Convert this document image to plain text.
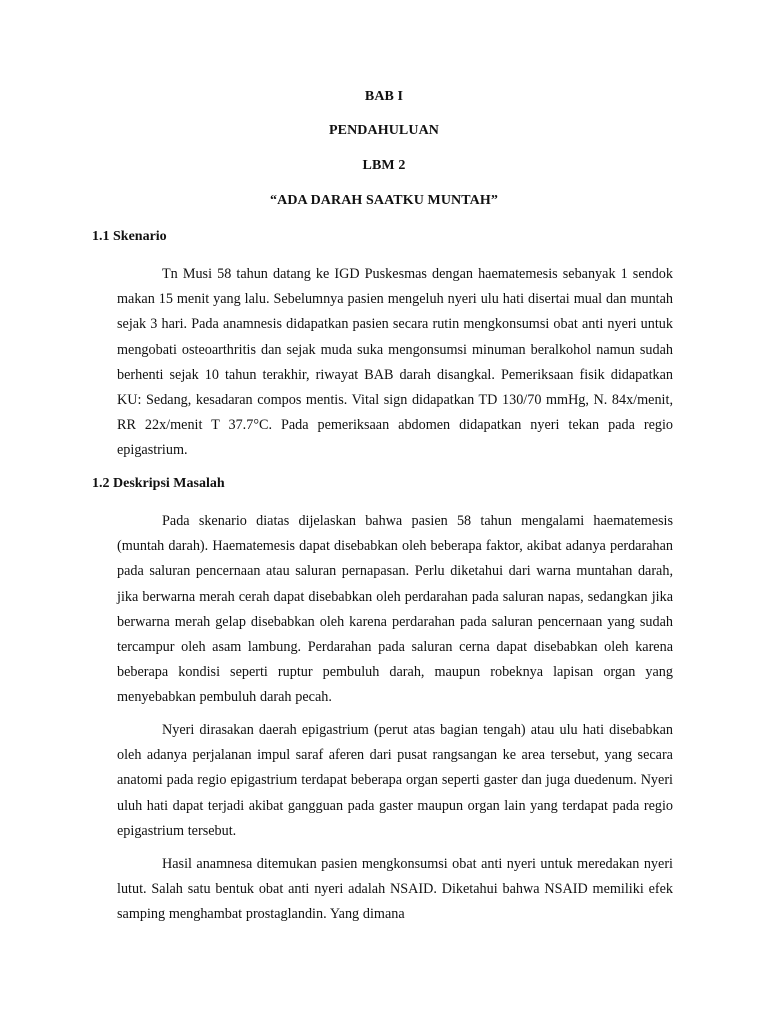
BAB I
PENDAHULUAN
LBM 2
“ADA DARAH SAATKU MUNTAH”
1.1 Skenario

Tn Musi 58 tahun datang ke IGD Puskesmas dengan haematemesis sebanyak 1 sendok makan 15 menit yang lalu. Sebelumnya pasien mengeluh nyeri ulu hati disertai mual dan muntah sejak 3 hari. Pada anamnesis didapatkan pasien secara rutin mengkonsumsi obat anti nyeri untuk mengobati osteoarthritis dan sejak muda suka mengonsumsi minuman beralkohol namun sudah berhenti sejak 10 tahun terakhir, riwayat BAB darah disangkal. Pemeriksaan fisik didapatkan KU: Sedang, kesadaran compos mentis. Vital sign didapatkan TD 130/70 mmHg, N. 84x/menit, RR 22x/menit T 37.7°C. Pada pemeriksaan abdomen didapatkan nyeri tekan pada regio epigastrium.

1.2 Deskripsi Masalah

Pada skenario diatas dijelaskan bahwa pasien 58 tahun mengalami haematemesis (muntah darah). Haematemesis dapat disebabkan oleh beberapa faktor, akibat adanya perdarahan pada saluran pencernaan atau saluran pernapasan. Perlu diketahui dari warna muntahan darah, jika berwarna merah cerah dapat disebabkan oleh perdarahan pada saluran napas, sedangkan jika berwarna merah gelap disebabkan oleh karena perdarahan pada saluran pencernaan yang sudah tercampur oleh asam lambung. Perdarahan pada saluran cerna dapat disebabkan oleh karena beberapa kondisi seperti ruptur pembuluh darah, maupun robeknya lapisan organ yang menyebabkan pembuluh darah pecah.

Nyeri dirasakan daerah epigastrium (perut atas bagian tengah) atau ulu hati disebabkan oleh adanya perjalanan impul saraf aferen dari pusat rangsangan ke area tersebut, yang secara anatomi pada regio epigastrium terdapat beberapa organ seperti gaster dan juga duedenum. Nyeri uluh hati dapat terjadi akibat gangguan pada gaster maupun organ lain yang terdapat pada regio epigastrium tersebut.

Hasil anamnesa ditemukan pasien mengkonsumsi obat anti nyeri untuk meredakan nyeri lutut. Salah satu bentuk obat anti nyeri adalah NSAID. Diketahui bahwa NSAID memiliki efek samping menghambat prostaglandin. Yang dimana
